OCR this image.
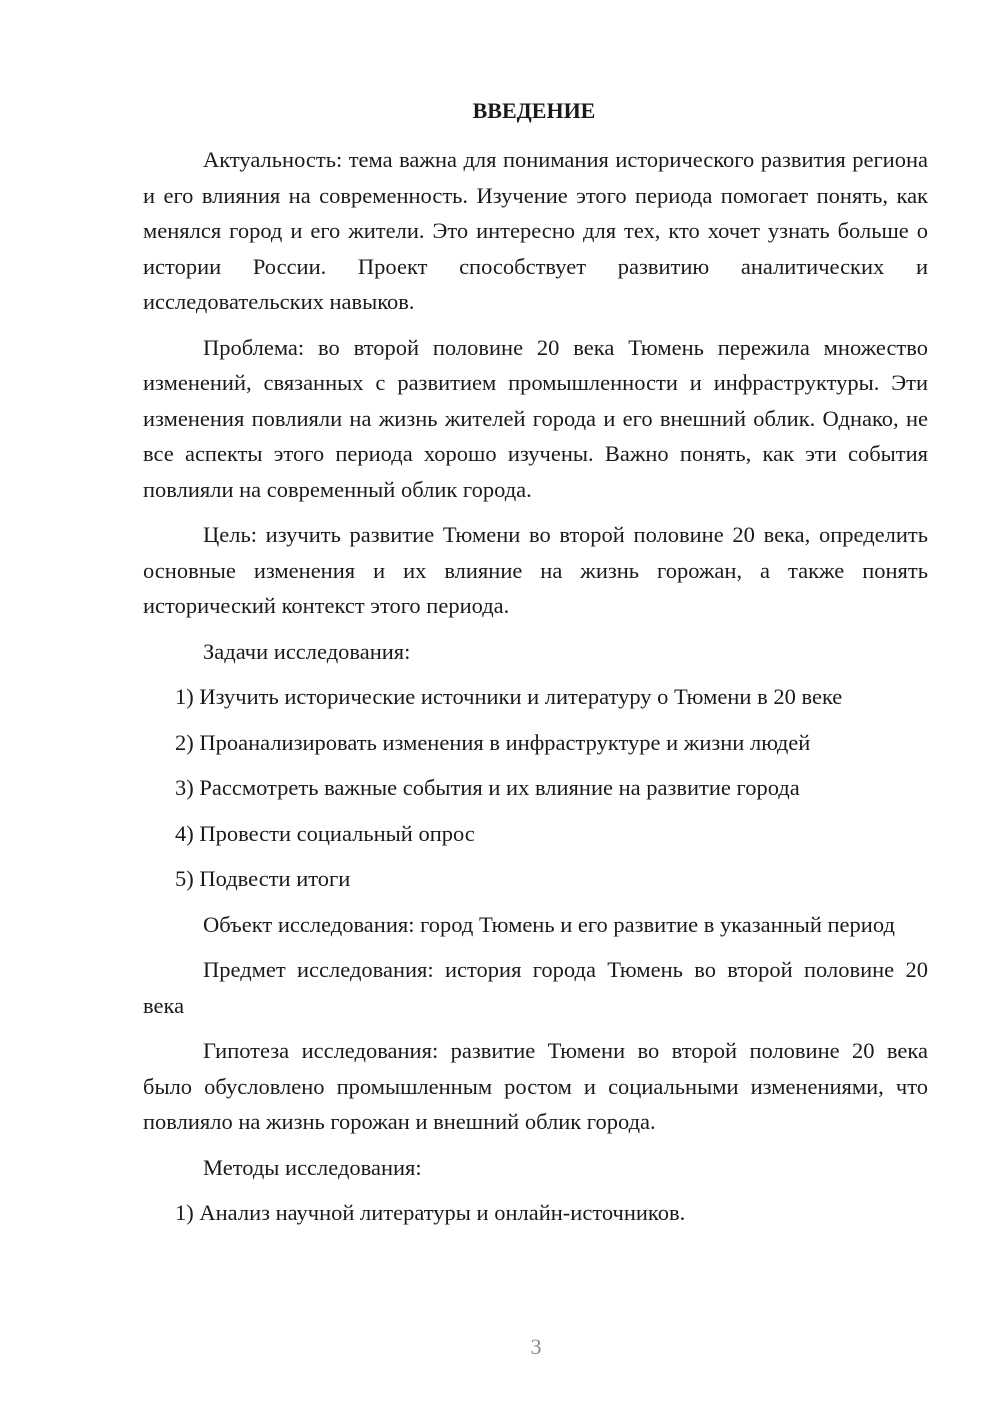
ВВЕДЕНИЕ

Актуальность: тема важна для понимания исторического развития региона и его влияния на современность. Изучение этого периода помогает понять, как менялся город и его жители. Это интересно для тех, кто хочет узнать больше о истории России. Проект способствует развитию аналитических и исследовательских навыков.

Проблема: во второй половине 20 века Тюмень пережила множество изменений, связанных с развитием промышленности и инфраструктуры. Эти изменения повлияли на жизнь жителей города и его внешний облик. Однако, не все аспекты этого периода хорошо изучены. Важно понять, как эти события повлияли на современный облик города.

Цель: изучить развитие Тюмени во второй половине 20 века, определить основные изменения и их влияние на жизнь горожан, а также понять исторический контекст этого периода.

Задачи исследования:

1) Изучить исторические источники и литературу о Тюмени в 20 веке

2) Проанализировать изменения в инфраструктуре и жизни людей

3) Рассмотреть важные события и их влияние на развитие города

4) Провести социальный опрос

5) Подвести итоги

Объект исследования: город Тюмень и его развитие в указанный период

Предмет исследования: история города Тюмень во второй половине 20 века

Гипотеза исследования: развитие Тюмени во второй половине 20 века было обусловлено промышленным ростом и социальными изменениями, что повлияло на жизнь горожан и внешний облик города.

Методы исследования:

1) Анализ научной литературы и онлайн-источников.

3
